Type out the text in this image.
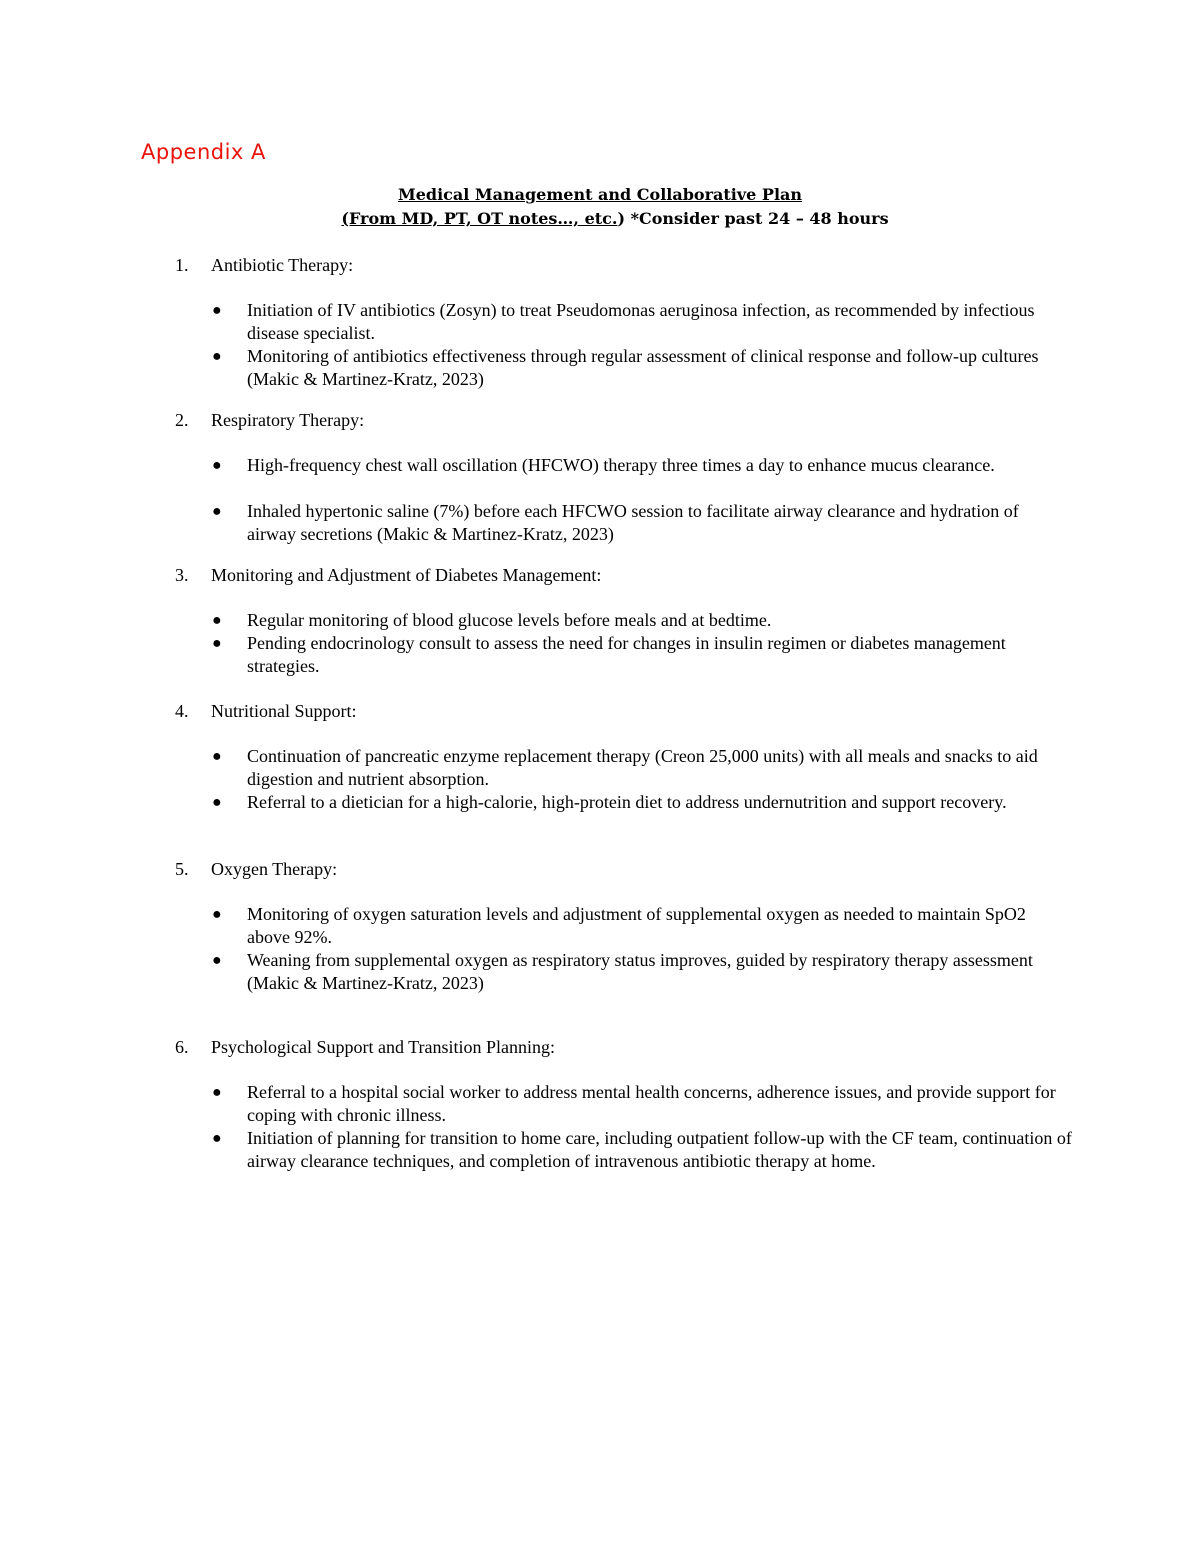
Appendix A
Medical Management and Collaborative Plan
(From MD, PT, OT notes…, etc.) *Consider past 24 – 48 hours
1. Antibiotic Therapy:
●	Initiation of IV antibiotics (Zosyn) to treat Pseudomonas aeruginosa infection, as recommended by infectious disease specialist.
●	Monitoring of antibiotics effectiveness through regular assessment of clinical response and follow-up cultures (Makic & Martinez-Kratz, 2023)
2. Respiratory Therapy:
●	High-frequency chest wall oscillation (HFCWO) therapy three times a day to enhance mucus clearance.
●	Inhaled hypertonic saline (7%) before each HFCWO session to facilitate airway clearance and hydration of airway secretions (Makic & Martinez-Kratz, 2023)
3. Monitoring and Adjustment of Diabetes Management:
●	Regular monitoring of blood glucose levels before meals and at bedtime.
●	Pending endocrinology consult to assess the need for changes in insulin regimen or diabetes management strategies.
4. Nutritional Support:
●	Continuation of pancreatic enzyme replacement therapy (Creon 25,000 units) with all meals and snacks to aid digestion and nutrient absorption.
●	Referral to a dietician for a high-calorie, high-protein diet to address undernutrition and support recovery.
5. Oxygen Therapy:
●	Monitoring of oxygen saturation levels and adjustment of supplemental oxygen as needed to maintain SpO2 above 92%.
●	Weaning from supplemental oxygen as respiratory status improves, guided by respiratory therapy assessment (Makic & Martinez-Kratz, 2023)
6. Psychological Support and Transition Planning:
●	Referral to a hospital social worker to address mental health concerns, adherence issues, and provide support for coping with chronic illness.
●	Initiation of planning for transition to home care, including outpatient follow-up with the CF team, continuation of airway clearance techniques, and completion of intravenous antibiotic therapy at home.
